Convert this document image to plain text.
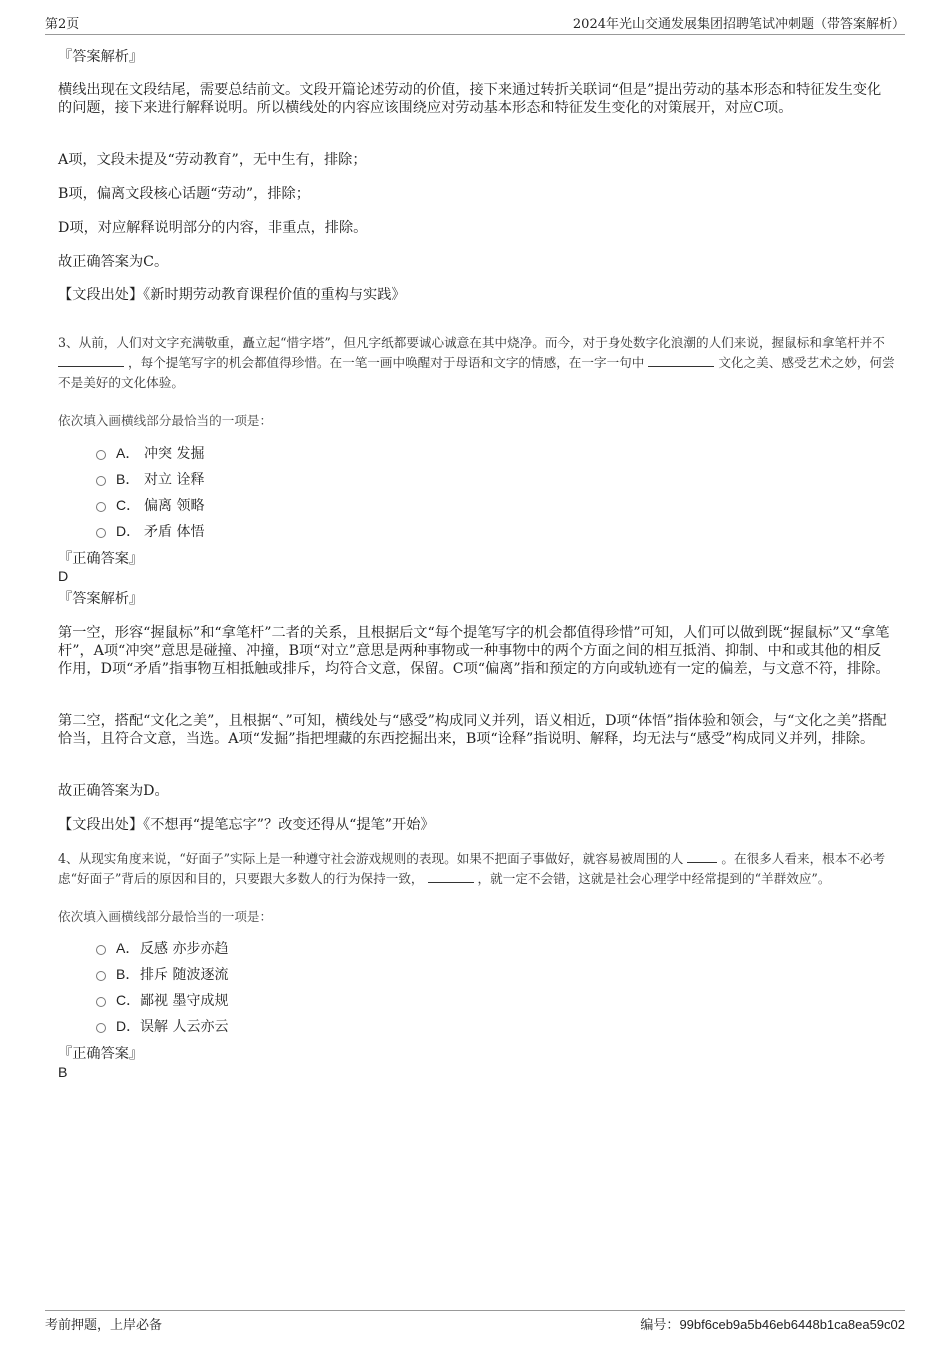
第2页	2024年光山交通发展集团招聘笔试冲刺题（带答案解析）
『答案解析』
横线出现在文段结尾，需要总结前文。文段开篇论述劳动的价值，接下来通过转折关联词“但是”提出劳动的基本形态和特征发生变化的问题，接下来进行解释说明。所以横线处的内容应该围绕应对劳动基本形态和特征发生变化的对策展开，对应C项。
A项，文段未提及“劳动教育”，无中生有，排除；
B项，偏离文段核心话题“劳动”，排除；
D项，对应解释说明部分的内容，非重点，排除。
故正确答案为C。
【文段出处】《新时期劳动教育课程价值的重构与实践》
3、从前，人们对文字充满敬重，矗立起“惜字塔”，但凡字纸都要诚心诚意在其中烧净。而今，对于身处数字化浪潮的人们来说，握鼠标和拿笔杆并不  ，每个提笔写字的机会都值得珍惜。在一笔一画中唤醒对于母语和文字的情感，在一字一句中	文化之美、感受艺术之妙，何尝不是美好的文化体验。
依次填入画横线部分最恰当的一项是：
A． 冲突 发掘
B． 对立 诠释
C． 偏离 领略
D． 矛盾 体悟
『正确答案』
D
『答案解析』
第一空，形容“握鼠标”和“拿笔杆”二者的关系，且根据后文“每个提笔写字的机会都值得珍惜”可知，人们可以做到既“握鼠标”又“拿笔杆”，A项“冲突”意思是碰撞、冲撞，B项“对立”意思是两种事物或一种事物中的两个方面之间的相互抵消、抑制、中和或其他的相反作用，D项“矛盾”指事物互相抵触或排斥，均符合文意，保留。C项“偏离”指和预定的方向或轨迹有一定的偏差，与文意不符，排除。
第二空，搭配“文化之美”，且根据“、”可知，横线处与“感受”构成同义并列，语义相近，D项“体悟”指体验和领会，与“文化之美”搭配恰当，且符合文意，当选。A项“发掘”指把埋藏的东西挖掘出来，B项“诠释”指说明、解释，均无法与“感受”构成同义并列，排除。
故正确答案为D。
【文段出处】《不想再“提笔忘字”？改变还得从“提笔”开始》
4、从现实角度来说，“好面子”实际上是一种遵守社会游戏规则的表现。如果不把面子事做好，就容易被周围的人	。在很多人看来，根本不必考虑“好面子”背后的原因和目的，只要跟大多数人的行为保持一致，	，就一定不会错，这就是社会心理学中经常提到的“羊群效应”。
依次填入画横线部分最恰当的一项是：
A． 反感 亦步亦趋
B． 排斥 随波逐流
C． 鄙视 墨守成规
D． 误解 人云亦云
『正确答案』
B
考前押题，上岸必备	编号：99bf6ceb9a5b46eb6448b1ca8ea59c02
